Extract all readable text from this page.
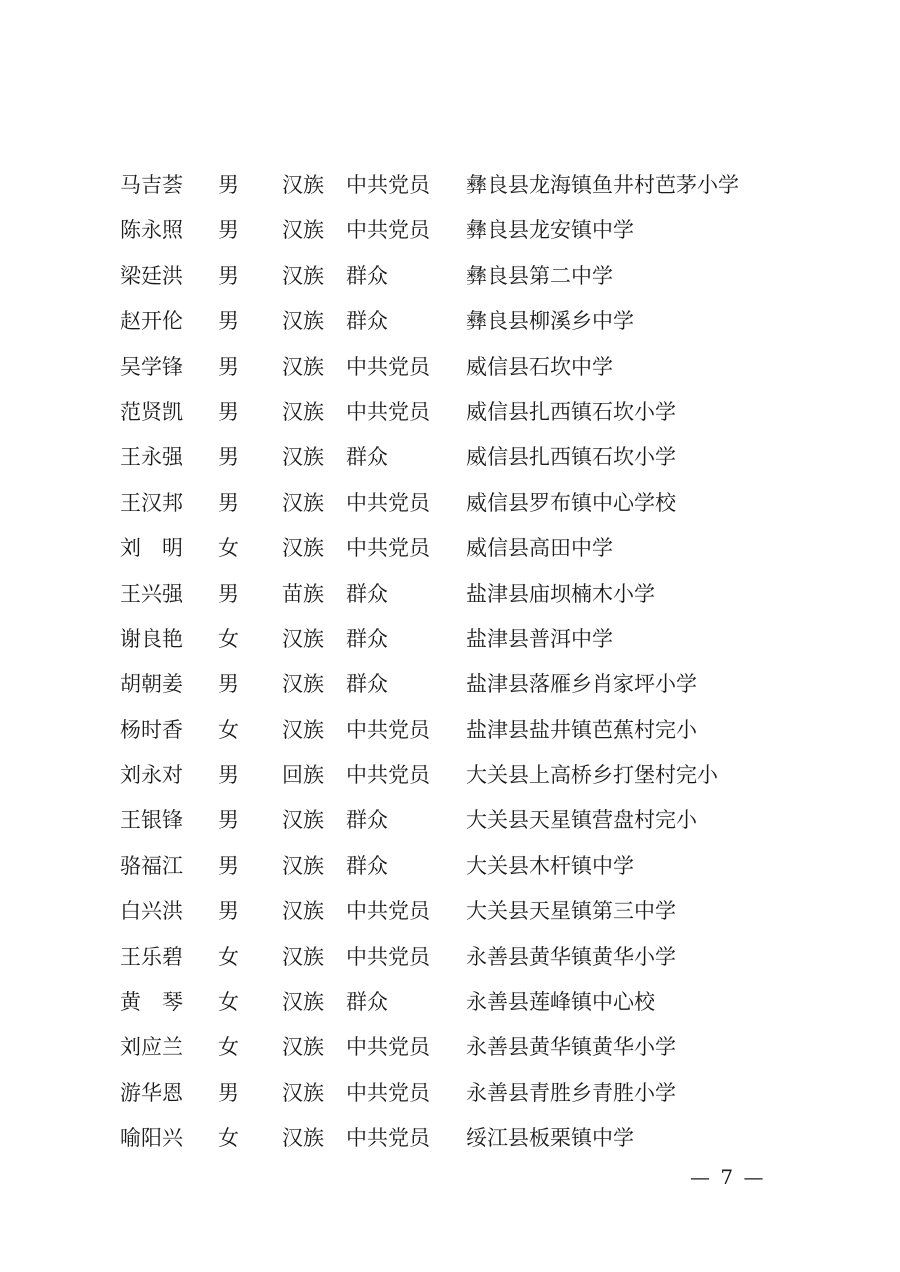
马吉荟	男	汉族	中共党员	彝良县龙海镇鱼井村芭茅小学
陈永照	男	汉族	中共党员	彝良县龙安镇中学
梁廷洪	男	汉族	群众	彝良县第二中学
赵开伦	男	汉族	群众	彝良县柳溪乡中学
吴学锋	男	汉族	中共党员	威信县石坎中学
范贤凯	男	汉族	中共党员	威信县扎西镇石坎小学
王永强	男	汉族	群众	威信县扎西镇石坎小学
王汉邦	男	汉族	中共党员	威信县罗布镇中心学校
刘　明	女	汉族	中共党员	威信县高田中学
王兴强	男	苗族	群众	盐津县庙坝楠木小学
谢良艳	女	汉族	群众	盐津县普洱中学
胡朝姜	男	汉族	群众	盐津县落雁乡肖家坪小学
杨时香	女	汉族	中共党员	盐津县盐井镇芭蕉村完小
刘永对	男	回族	中共党员	大关县上高桥乡打堡村完小
王银锋	男	汉族	群众	大关县天星镇营盘村完小
骆福江	男	汉族	群众	大关县木杆镇中学
白兴洪	男	汉族	中共党员	大关县天星镇第三中学
王乐碧	女	汉族	中共党员	永善县黄华镇黄华小学
黄　琴	女	汉族	群众	永善县莲峰镇中心校
刘应兰	女	汉族	中共党员	永善县黄华镇黄华小学
游华恩	男	汉族	中共党员	永善县青胜乡青胜小学
喻阳兴	女	汉族	中共党员	绥江县板栗镇中学
— 7 —
